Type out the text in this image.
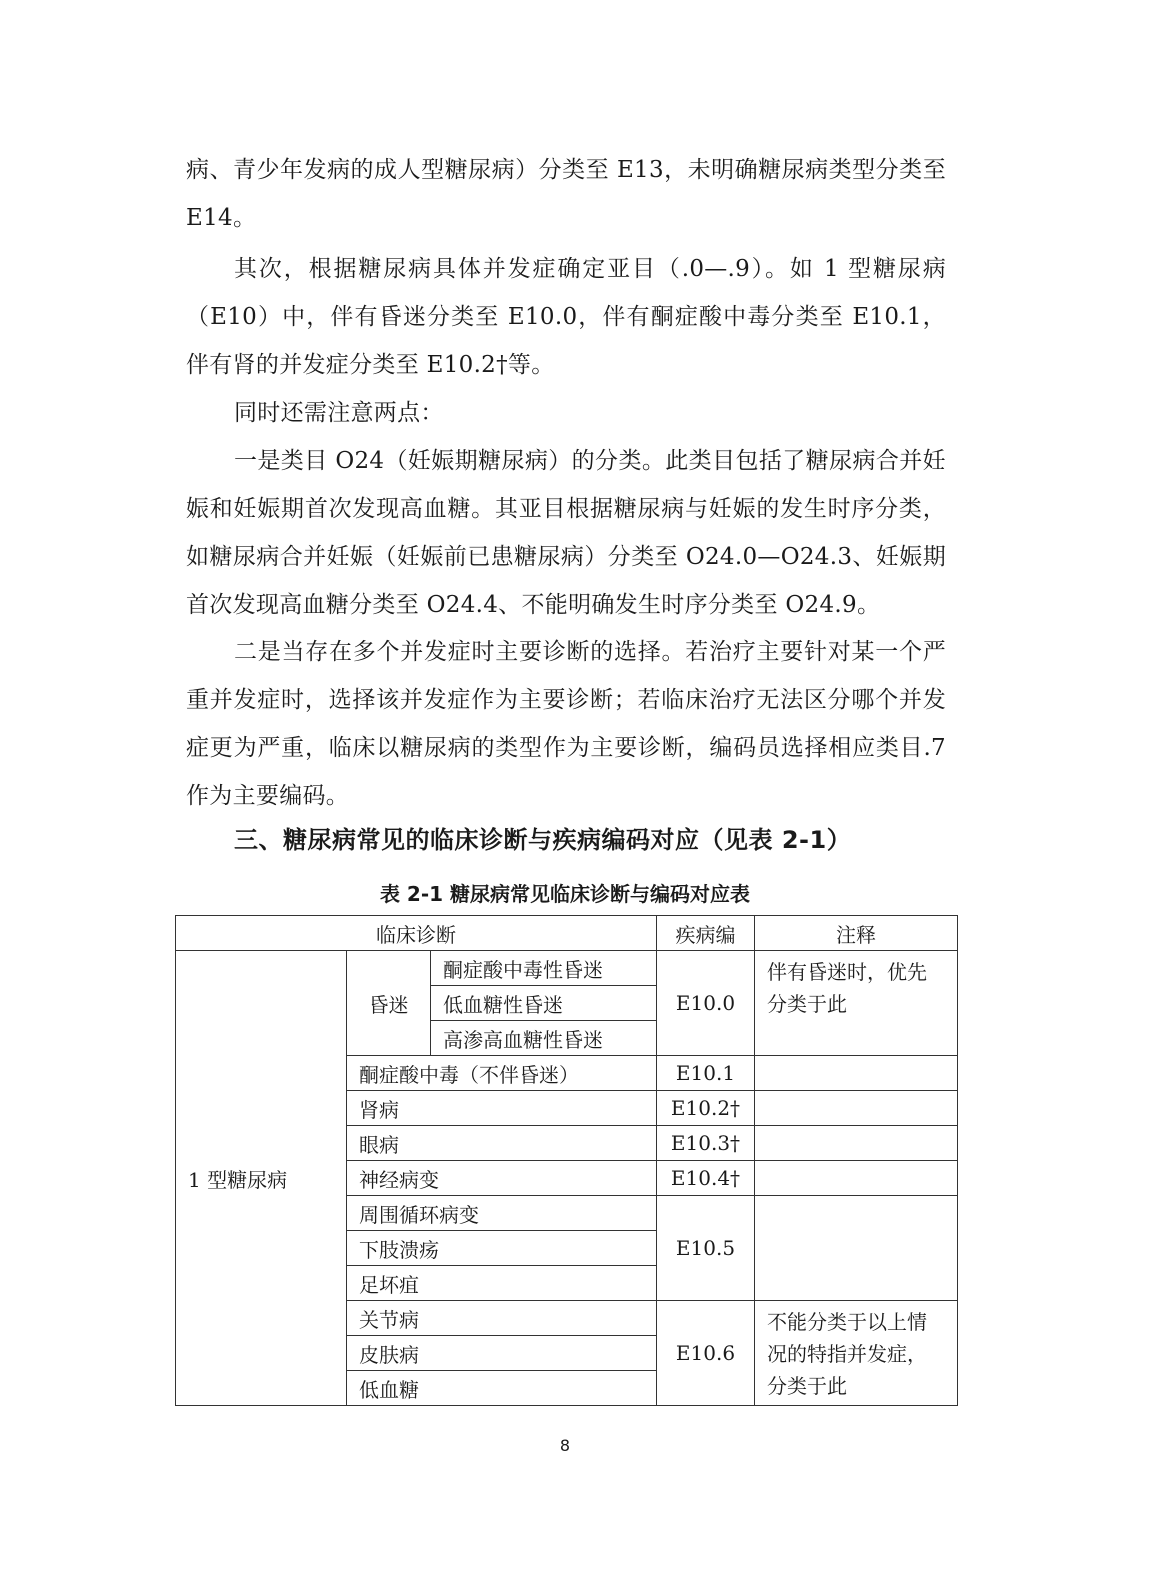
病、青少年发病的成人型糖尿病）分类至 E13，未明确糖尿病类型分类至 E14。
其次，根据糖尿病具体并发症确定亚目（.0—.9）。如 1 型糖尿病（E10）中，伴有昏迷分类至 E10.0，伴有酮症酸中毒分类至 E10.1，伴有肾的并发症分类至 E10.2†等。
同时还需注意两点：
一是类目 O24（妊娠期糖尿病）的分类。此类目包括了糖尿病合并妊娠和妊娠期首次发现高血糖。其亚目根据糖尿病与妊娠的发生时序分类，如糖尿病合并妊娠（妊娠前已患糖尿病）分类至 O24.0—O24.3、妊娠期首次发现高血糖分类至 O24.4、不能明确发生时序分类至 O24.9。
二是当存在多个并发症时主要诊断的选择。若治疗主要针对某一个严重并发症时，选择该并发症作为主要诊断；若临床治疗无法区分哪个并发症更为严重，临床以糖尿病的类型作为主要诊断，编码员选择相应类目.7 作为主要编码。
三、糖尿病常见的临床诊断与疾病编码对应（见表 2-1）
表 2-1 糖尿病常见临床诊断与编码对应表
临床诊断			疾病编	注释
1 型糖尿病	昏迷	酮症酸中毒性昏迷	E10.0	伴有昏迷时，优先分类于此
		低血糖性昏迷		
		高渗高血糖性昏迷		
	酮症酸中毒（不伴昏迷）		E10.1	
	肾病		E10.2†	
	眼病		E10.3†	
	神经病变		E10.4†	
	周围循环病变		E10.5	
	下肢溃疡			
	足坏疽			
	关节病		E10.6	不能分类于以上情况的特指并发症，分类于此
	皮肤病			
	低血糖			
8
